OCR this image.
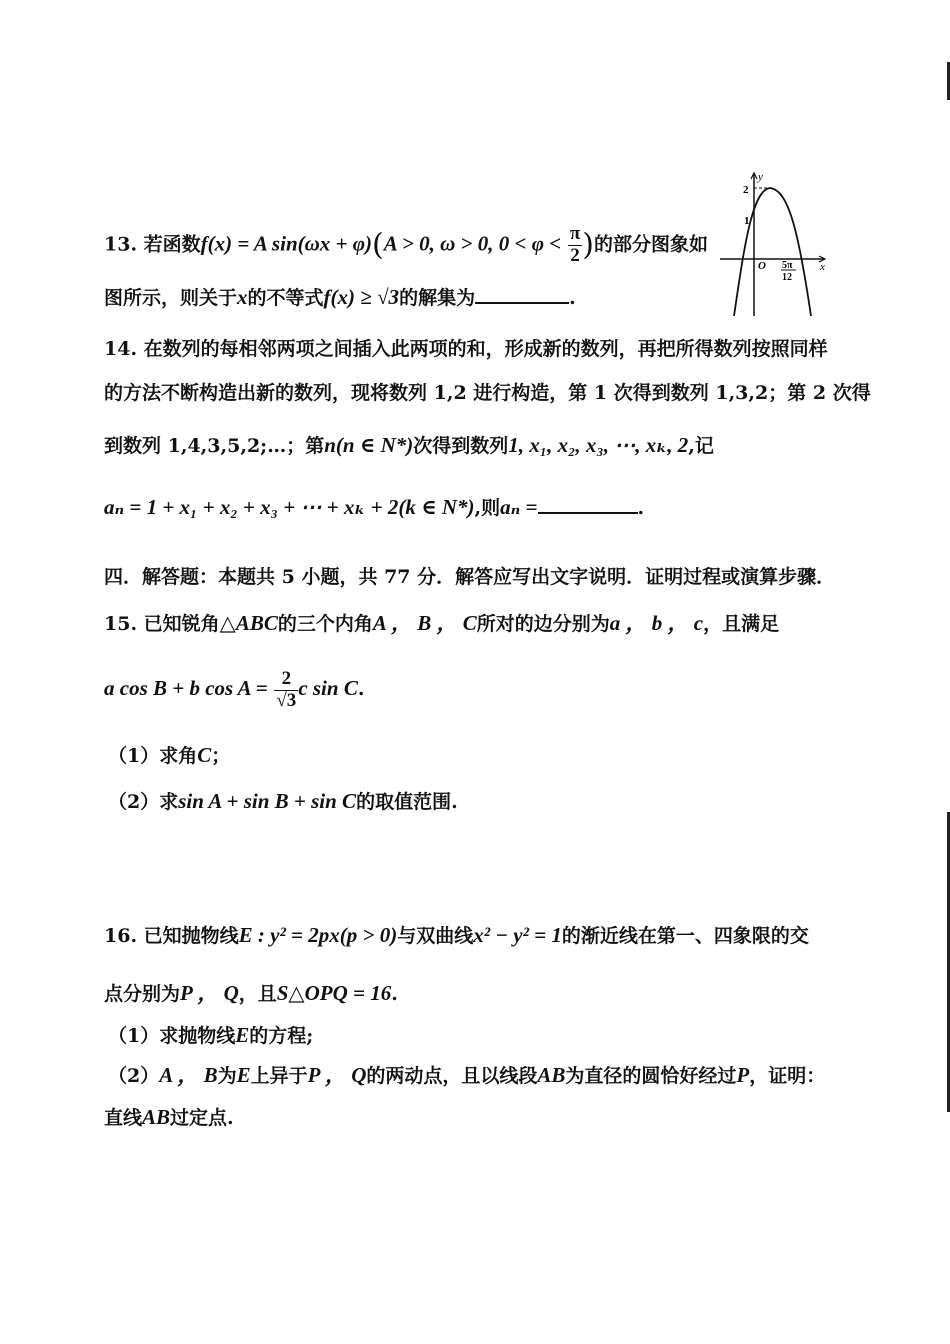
13. 若函数f(x) = A sin(ωx + φ)(A > 0, ω > 0, $0 < \varphi < \frac{\pi}{2}$ )的部分图象如
图所示，则关于x的不等式f(x) ≥ √3的解集为	.
y
x
O
2
1
5π
12
14. 在数列的每相邻两项之间插入此两项的和，形成新的数列，再把所得数列按照同样
的方法不断构造出新的数列，现将数列 1,2 进行构造，第 1 次得到数列 1,3,2；第 2 次得
到数列 1,4,3,5,2;…；第n(n ∈ N*)次得到数列1, x₁, x₂, x₃, ⋯, xₖ, 2,记
aₙ = 1 + x₁ + x₂ + x₃ + ⋯ + xₖ + 2(k ∈ N*),则aₙ =	.
四．解答题：本题共 5 小题，共 77 分．解答应写出文字说明．证明过程或演算步骤．
15. 已知锐角△ABC的三个内角A ， B ， C所对的边分别为a ， b ， c，且满足
a cos B + b $\cos A = \frac{2}{√3}$ c sin C.
（1）求角C；
（2）求sin A + sin B + sin C的取值范围.
16. 已知抛物线E : y² = 2px(p > 0)与双曲线x² − y² = 1的渐近线在第一、四象限的交
点分别为P ， Q，且S△OPQ = 16.
（1）求抛物线E的方程;
（2）A ， B为E上异于P ， Q的两动点，且以线段AB为直径的圆恰好经过P，证明：
直线AB过定点.
